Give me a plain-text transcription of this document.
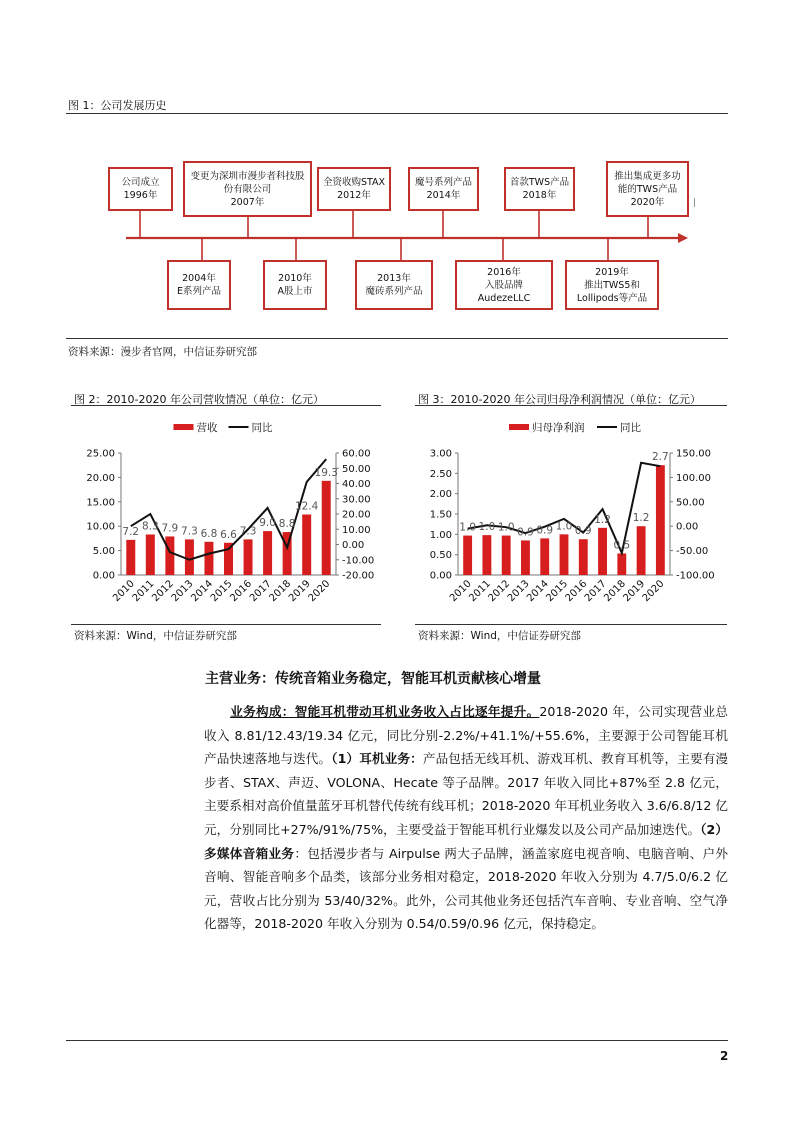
图 1：公司发展历史
公司成立
1996年
变更为深圳市漫步者科技股
份有限公司
2007年
全资收购STAX
2012年
魔号系列产品
2014年
首款TWS产品
2018年
推出集成更多功
能的TWS产品
2020年	|
2004年
E系列产品
2010年
A股上市
2013年
魔砖系列产品
2016年
入股品牌AudezeLLC
2019年
推出TWS5和
Lollipods等产品
资料来源：漫步者官网，中信证券研究部
图 2：2010-2020 年公司营收情况（单位：亿元）
营收	同比
0.00
5.00
10.00
15.00
20.00
25.00
-20.00
-10.00
0.00
10.00
20.00
30.00
40.00
50.00
60.00
2010
2011
2012
2013
2014
2015
2016
2017
2018
2019
2020
7.2 8.3 7.9 7.3 6.8 6.6 7.3
9.0 8.8
12.4
19.3
资料来源：Wind，中信证券研究部
图 3：2010-2020 年公司归母净利润情况（单位：亿元）
归母净利润	同比
0.00
0.50
1.00
1.50
2.00
2.50
3.00
-100.00
-50.00
0.00
50.00
100.00
150.00
2010
2011
2012
2013
2014
2015
2016
2017
2018
2019
2020
1.0 1.0 1.0 0.9 0.9 1.0 0.9
1.2
0.5
1.2
2.7
资料来源：Wind，中信证券研究部
主营业务：传统音箱业务稳定，智能耳机贡献核心增量
业务构成：智能耳机带动耳机业务收入占比逐年提升。2018-2020 年，公司实现营业总收入 8.81/12.43/19.34 亿元，同比分别-2.2%/+41.1%/+55.6%，主要源于公司智能耳机产品快速落地与迭代。（1）耳机业务：产品包括无线耳机、游戏耳机、教育耳机等，主要有漫步者、STAX、声迈、VOLONA、Hecate 等子品牌。2017 年收入同比+87%至 2.8 亿元，主要系相对高价值量蓝牙耳机替代传统有线耳机；2018-2020 年耳机业务收入 3.6/6.8/12 亿元，分别同比+27%/91%/75%，主要受益于智能耳机行业爆发以及公司产品加速迭代。（2）多媒体音箱业务：包括漫步者与 Airpulse 两大子品牌，涵盖家庭电视音响、电脑音响、户外音响、智能音响多个品类，该部分业务相对稳定，2018-2020 年收入分别为 4.7/5.0/6.2 亿元，营收占比分别为 53/40/32%。此外，公司其他业务还包括汽车音响、专业音响、空气净化器等，2018-2020 年收入分别为 0.54/0.59/0.96 亿元，保持稳定。
2
